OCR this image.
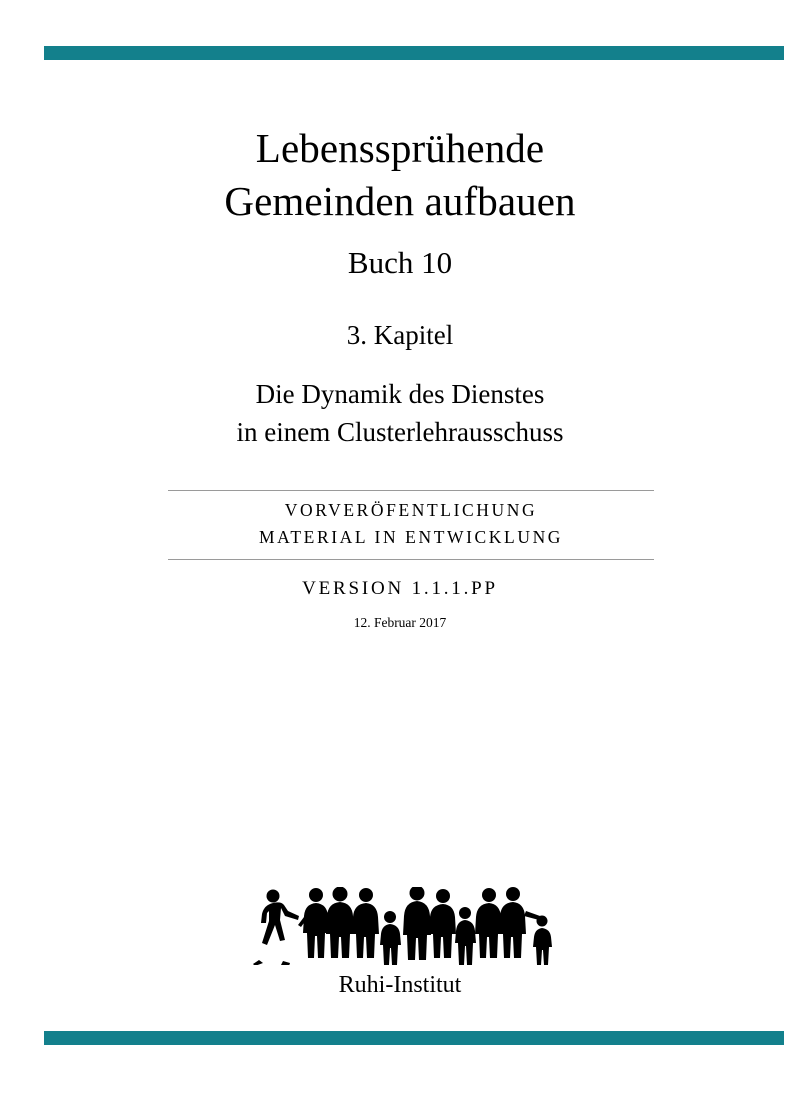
Lebenssprühende
Gemeinden aufbauen
Buch 10
3. Kapitel
Die Dynamik des Dienstes
in einem Clusterlehrausschuss
VORVERÖFENTLICHUNG
MATERIAL IN ENTWICKLUNG
VERSION 1.1.1.PP
12. Februar 2017
Ruhi-Institut
